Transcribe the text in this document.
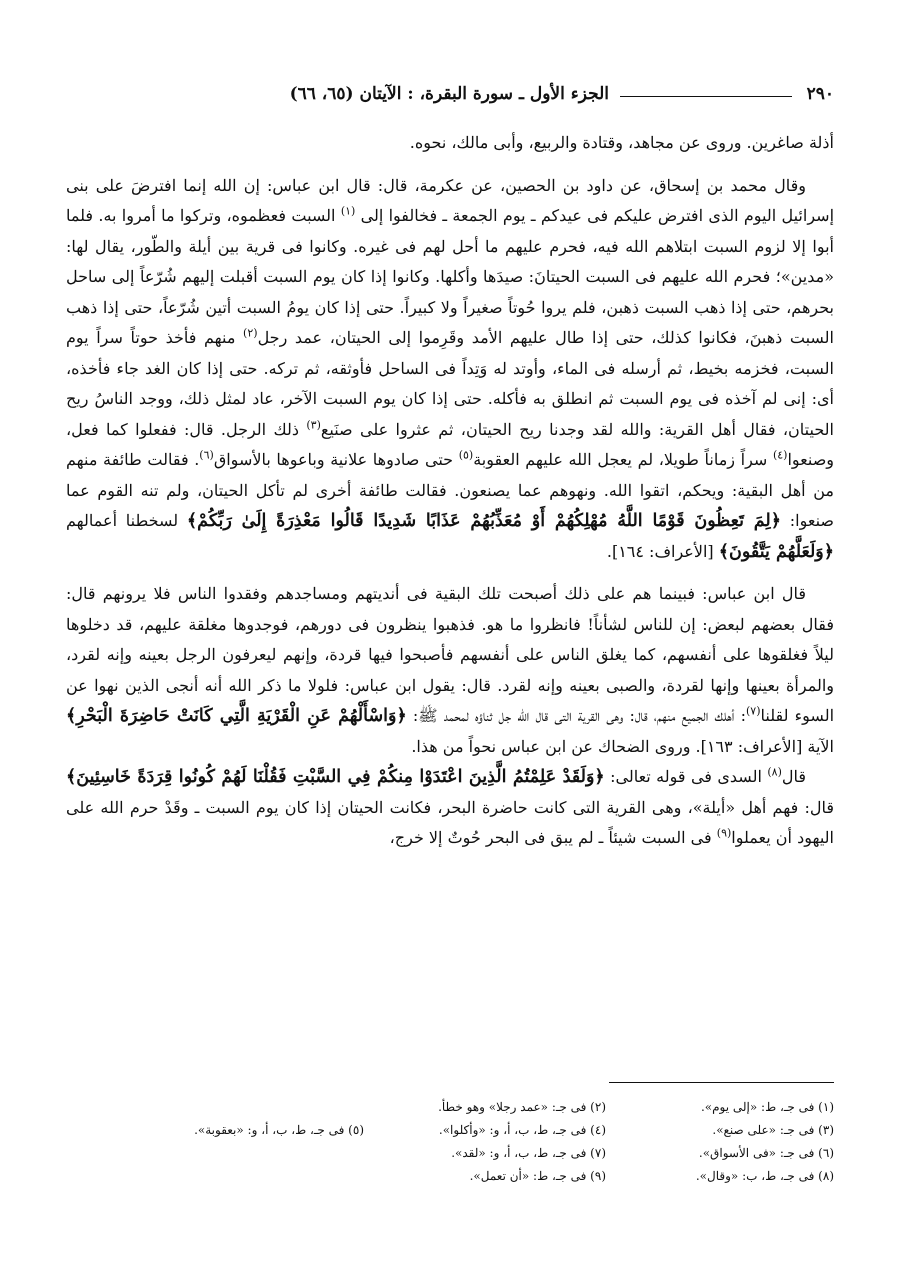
٢٩٠
الجزء الأول ـ سورة البقرة، : الآيتان (٦٥، ٦٦)

أذلة صاغرين. وروى عن مجاهد، وقتادة والربيع، وأبى مالك، نحوه.

وقال محمد بن إسحاق، عن داود بن الحصين، عن عكرمة، قال: قال ابن عباس: إن الله إنما افترضَ على بنى إسرائيل اليوم الذى افترض عليكم فى عيدكم ـ يوم الجمعة ـ فخالفوا إلى $^{(١)}$ السبت فعظموه، وتركوا ما أمروا به. فلما أبوا إلا لزوم السبت ابتلاهم الله فيه، فحرم عليهم ما أحل لهم فى غيره. وكانوا فى قرية بين أيلة والطّور، يقال لها: «مدين»؛ فحرم الله عليهم فى السبت الحيتانَ: صيدَها وأكلها. وكانوا إذا كان يوم السبت أقبلت إليهم شُرّعاً إلى ساحل بحرهم، حتى إذا ذهب السبت ذهبن، فلم يروا حُوتاً صغيراً ولا كبيراً. حتى إذا كان يومُ السبت أتين شُرّعاً، حتى إذا ذهب السبت ذهبنَ، فكانوا كذلك، حتى إذا طال عليهم الأمد وقَرِموا إلى الحيتان، عمد رجل$^{(٢)}$ منهم فأخذ حوتاً سراً يوم السبت، فخزمه بخيط، ثم أرسله فى الماء، وأوتد له وَتِداً فى الساحل فأوثقه، ثم تركه. حتى إذا كان الغد جاء فأخذه، أى: إنى لم آخذه فى يوم السبت ثم انطلق به فأكله. حتى إذا كان يوم السبت الآخر، عاد لمثل ذلك، ووجد الناسُ ريح الحيتان، فقال أهل القرية: والله لقد وجدنا ريح الحيتان، ثم عثروا على صنَيع$^{(٣)}$ ذلك الرجل. قال: ففعلوا كما فعل، وصنعوا$^{(٤)}$ سراً زماناً طويلا، لم يعجل الله عليهم العقوبة$^{(٥)}$ حتى صادوها علانية وباعوها بالأسواق$^{(٦)}$. فقالت طائفة منهم من أهل البقية: ويحكم، اتقوا الله. ونهوهم عما يصنعون. فقالت طائفة أخرى لم تأكل الحيتان، ولم تنه القوم عما صنعوا: ﴿لِمَ تَعِظُونَ قَوْمًا اللَّهُ مُهْلِكُهُمْ أَوْ مُعَذِّبُهُمْ عَذَابًا شَدِيدًا قَالُوا مَعْذِرَةً إِلَىٰ رَبِّكُمْ﴾ لسخطنا أعمالهم ﴿وَلَعَلَّهُمْ يَتَّقُونَ﴾ [الأعراف: ١٦٤].

قال ابن عباس: فبينما هم على ذلك أصبحت تلك البقية فى أنديتهم ومساجدهم وفقدوا الناس فلا يرونهم قال: فقال بعضهم لبعض: إن للناس لشأناً! فانظروا ما هو. فذهبوا ينظرون فى دورهم، فوجدوها مغلقة عليهم، قد دخلوها ليلاً فغلقوها على أنفسهم، كما يغلق الناس على أنفسهم فأصبحوا فيها قردة، وإنهم ليعرفون الرجل بعينه وإنه لقرد، والمرأة بعينها وإنها لقردة، والصبى بعينه وإنه لقرد. قال: يقول ابن عباس: فلولا ما ذكر الله أنه أنجى الذين نهوا عن السوء لقلنا$^{(٧)}$: أهلك الجميع منهم، قال: وهى القرية التى قال الله جل ثناؤه لمحمد ﷺ: ﴿وَاسْأَلْهُمْ عَنِ الْقَرْيَةِ الَّتِي كَانَتْ حَاضِرَةَ الْبَحْرِ﴾ الآية [الأعراف: ١٦٣]. وروى الضحاك عن ابن عباس نحواً من هذا.

قال$^{(٨)}$ السدى فى قوله تعالى: ﴿وَلَقَدْ عَلِمْتُمُ الَّذِينَ اعْتَدَوْا مِنكُمْ فِي السَّبْتِ فَقُلْنَا لَهُمْ كُونُوا قِرَدَةً خَاسِئِينَ﴾ قال: فهم أهل «أيلة»، وهى القرية التى كانت حاضرة البحر، فكانت الحيتان إذا كان يوم السبت ـ وقَدْ حرم الله على اليهود أن يعملوا$^{(٩)}$ فى السبت شيئاً ـ لم يبق فى البحر حُوتٌ إلا خرج،

(١) فى جـ، ط: «إلى يوم».
(٣) فى جـ: «على صنع».
(٦) فى جـ: «فى الأسواق».
(٨) فى جـ، ط، ب: «وقال».
(٢) فى جـ: «عمد رجلا» وهو خطأ.
(٤) فى جـ، ط، ب، أ، و: «وأكلوا».
(٧) فى جـ، ط، ب، أ، و: «لقد».
(٩) فى جـ، ط: «أن تعمل».

(٥) فى جـ، ط، ب، أ، و: «بعقوبة».
